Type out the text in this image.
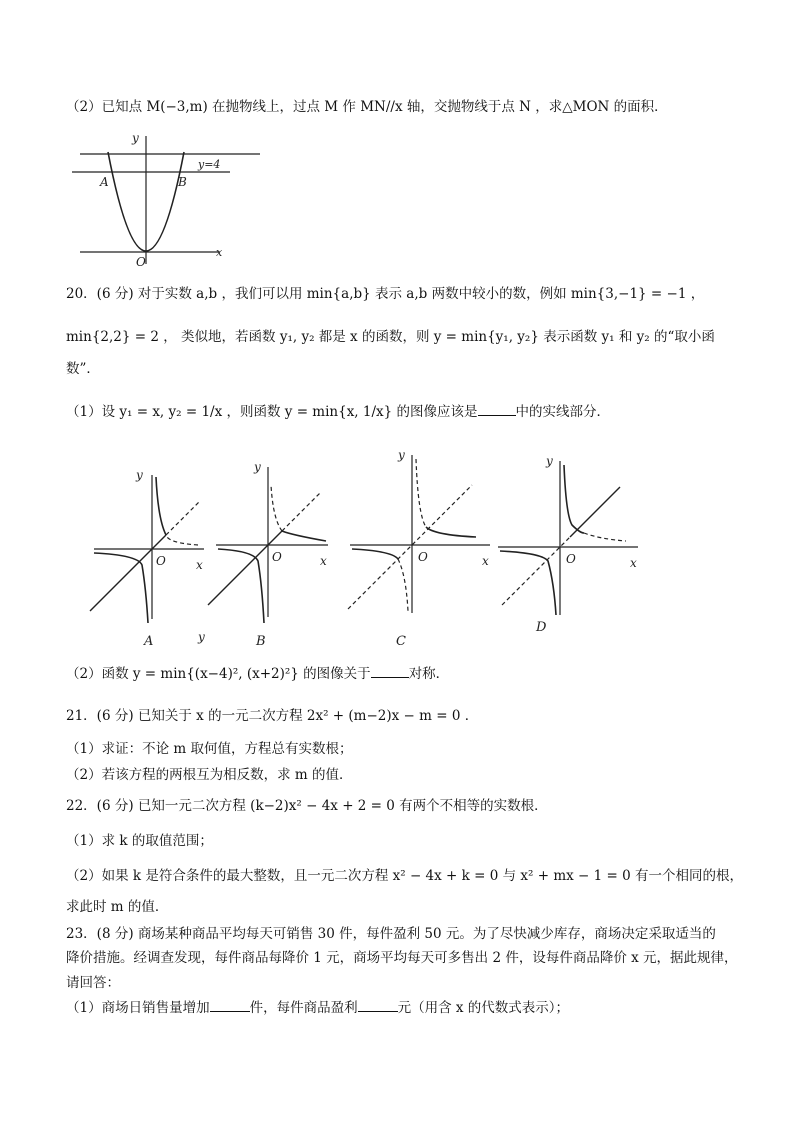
（2）已知点 M(−3,m) 在抛物线上，过点 M 作 MN//x 轴，交抛物线于点 N ，求△MON 的面积．
y
x
O
y=4
A	B
20．(6 分) 对于实数 a,b ，我们可以用 min{a,b} 表示 a,b 两数中较小的数，例如 min{3,−1} = −1 ，
min{2,2} = 2 ， 类似地，若函数 y₁, y₂ 都是 x 的函数，则 y = min{y₁, y₂} 表示函数 y₁ 和 y₂ 的“取小函
数”．
（1）设 y₁ = x, y₂ = 1/x ，则函数 y = min{x, 1/x} 的图像应该是	中的实线部分．
y
O	x
A
y
O	x
B
y
y
O	x
C
y
O	x
D
（2）函数 y = min{(x−4)², (x+2)²} 的图像关于	对称．
21．(6 分) 已知关于 x 的一元二次方程 2x² + (m−2)x − m = 0 ．
（1）求证：不论 m 取何值，方程总有实数根；
（2）若该方程的两根互为相反数，求 m 的值．
22．(6 分) 已知一元二次方程 (k−2)x² − 4x + 2 = 0 有两个不相等的实数根．
（1）求 k 的取值范围；
（2）如果 k 是符合条件的最大整数，且一元二次方程 x² − 4x + k = 0 与 x² + mx − 1 = 0 有一个相同的根，
求此时 m 的值．
23．(8 分) 商场某种商品平均每天可销售 30 件，每件盈利 50 元。为了尽快减少库存，商场决定采取适当的
降价措施。经调查发现，每件商品每降价 1 元，商场平均每天可多售出 2 件，设每件商品降价 x 元，据此规律，
请回答：
（1）商场日销售量增加	件，每件商品盈利	元（用含 x 的代数式表示）；
